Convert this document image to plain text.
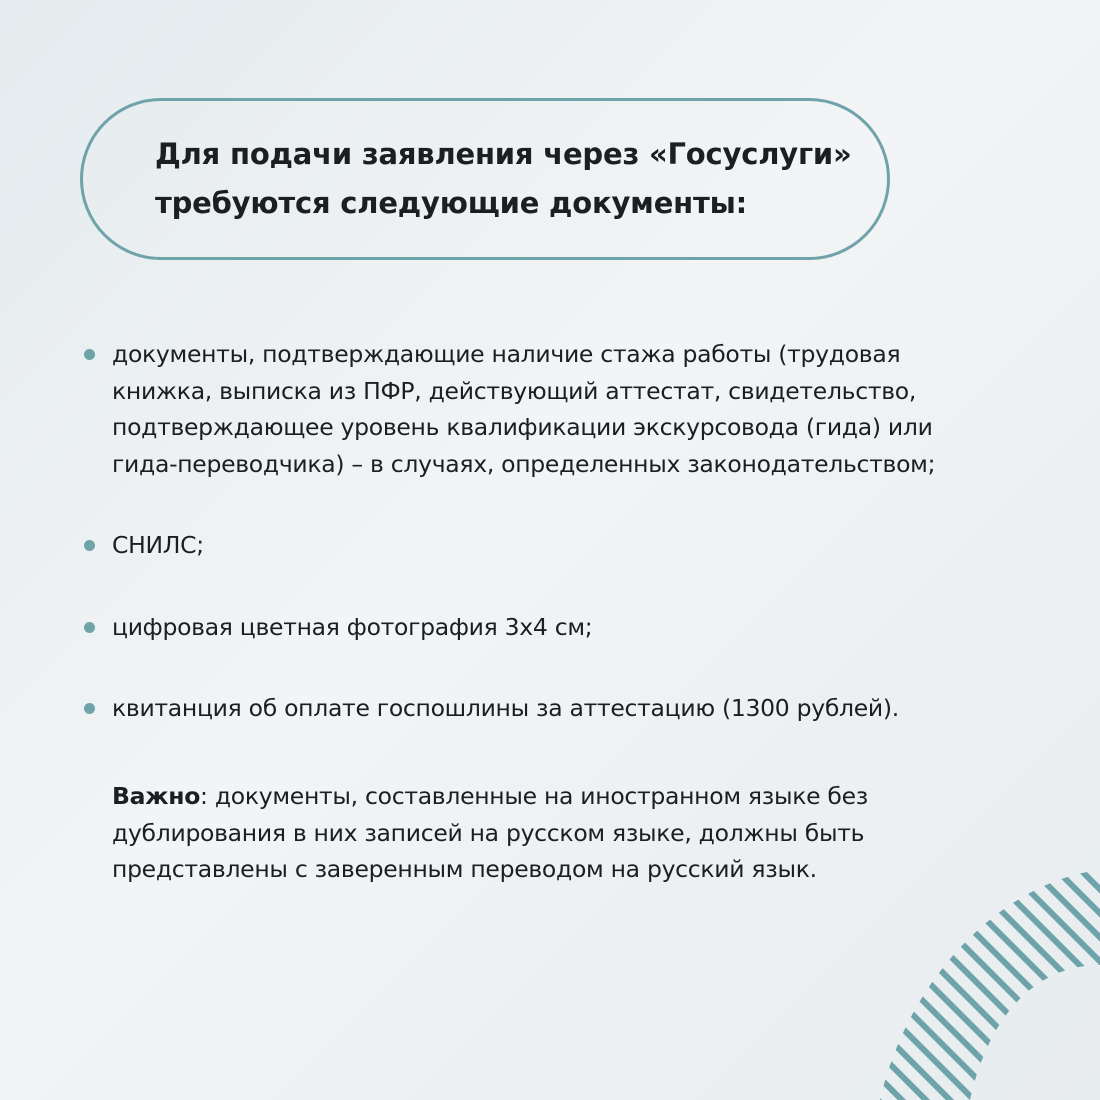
Для подачи заявления через «Госуслуги» требуются следующие документы:
документы, подтверждающие наличие стажа работы (трудовая книжка, выписка из ПФР, действующий аттестат, свидетельство, подтверждающее уровень квалификации экскурсовода (гида) или гида-переводчика) – в случаях, определенных законодательством;
СНИЛС;
цифровая цветная фотография 3х4 см;
квитанция об оплате госпошлины за аттестацию (1300 рублей).

Важно: документы, составленные на иностранном языке без дублирования в них записей на русском языке, должны быть представлены с заверенным переводом на русский язык.
